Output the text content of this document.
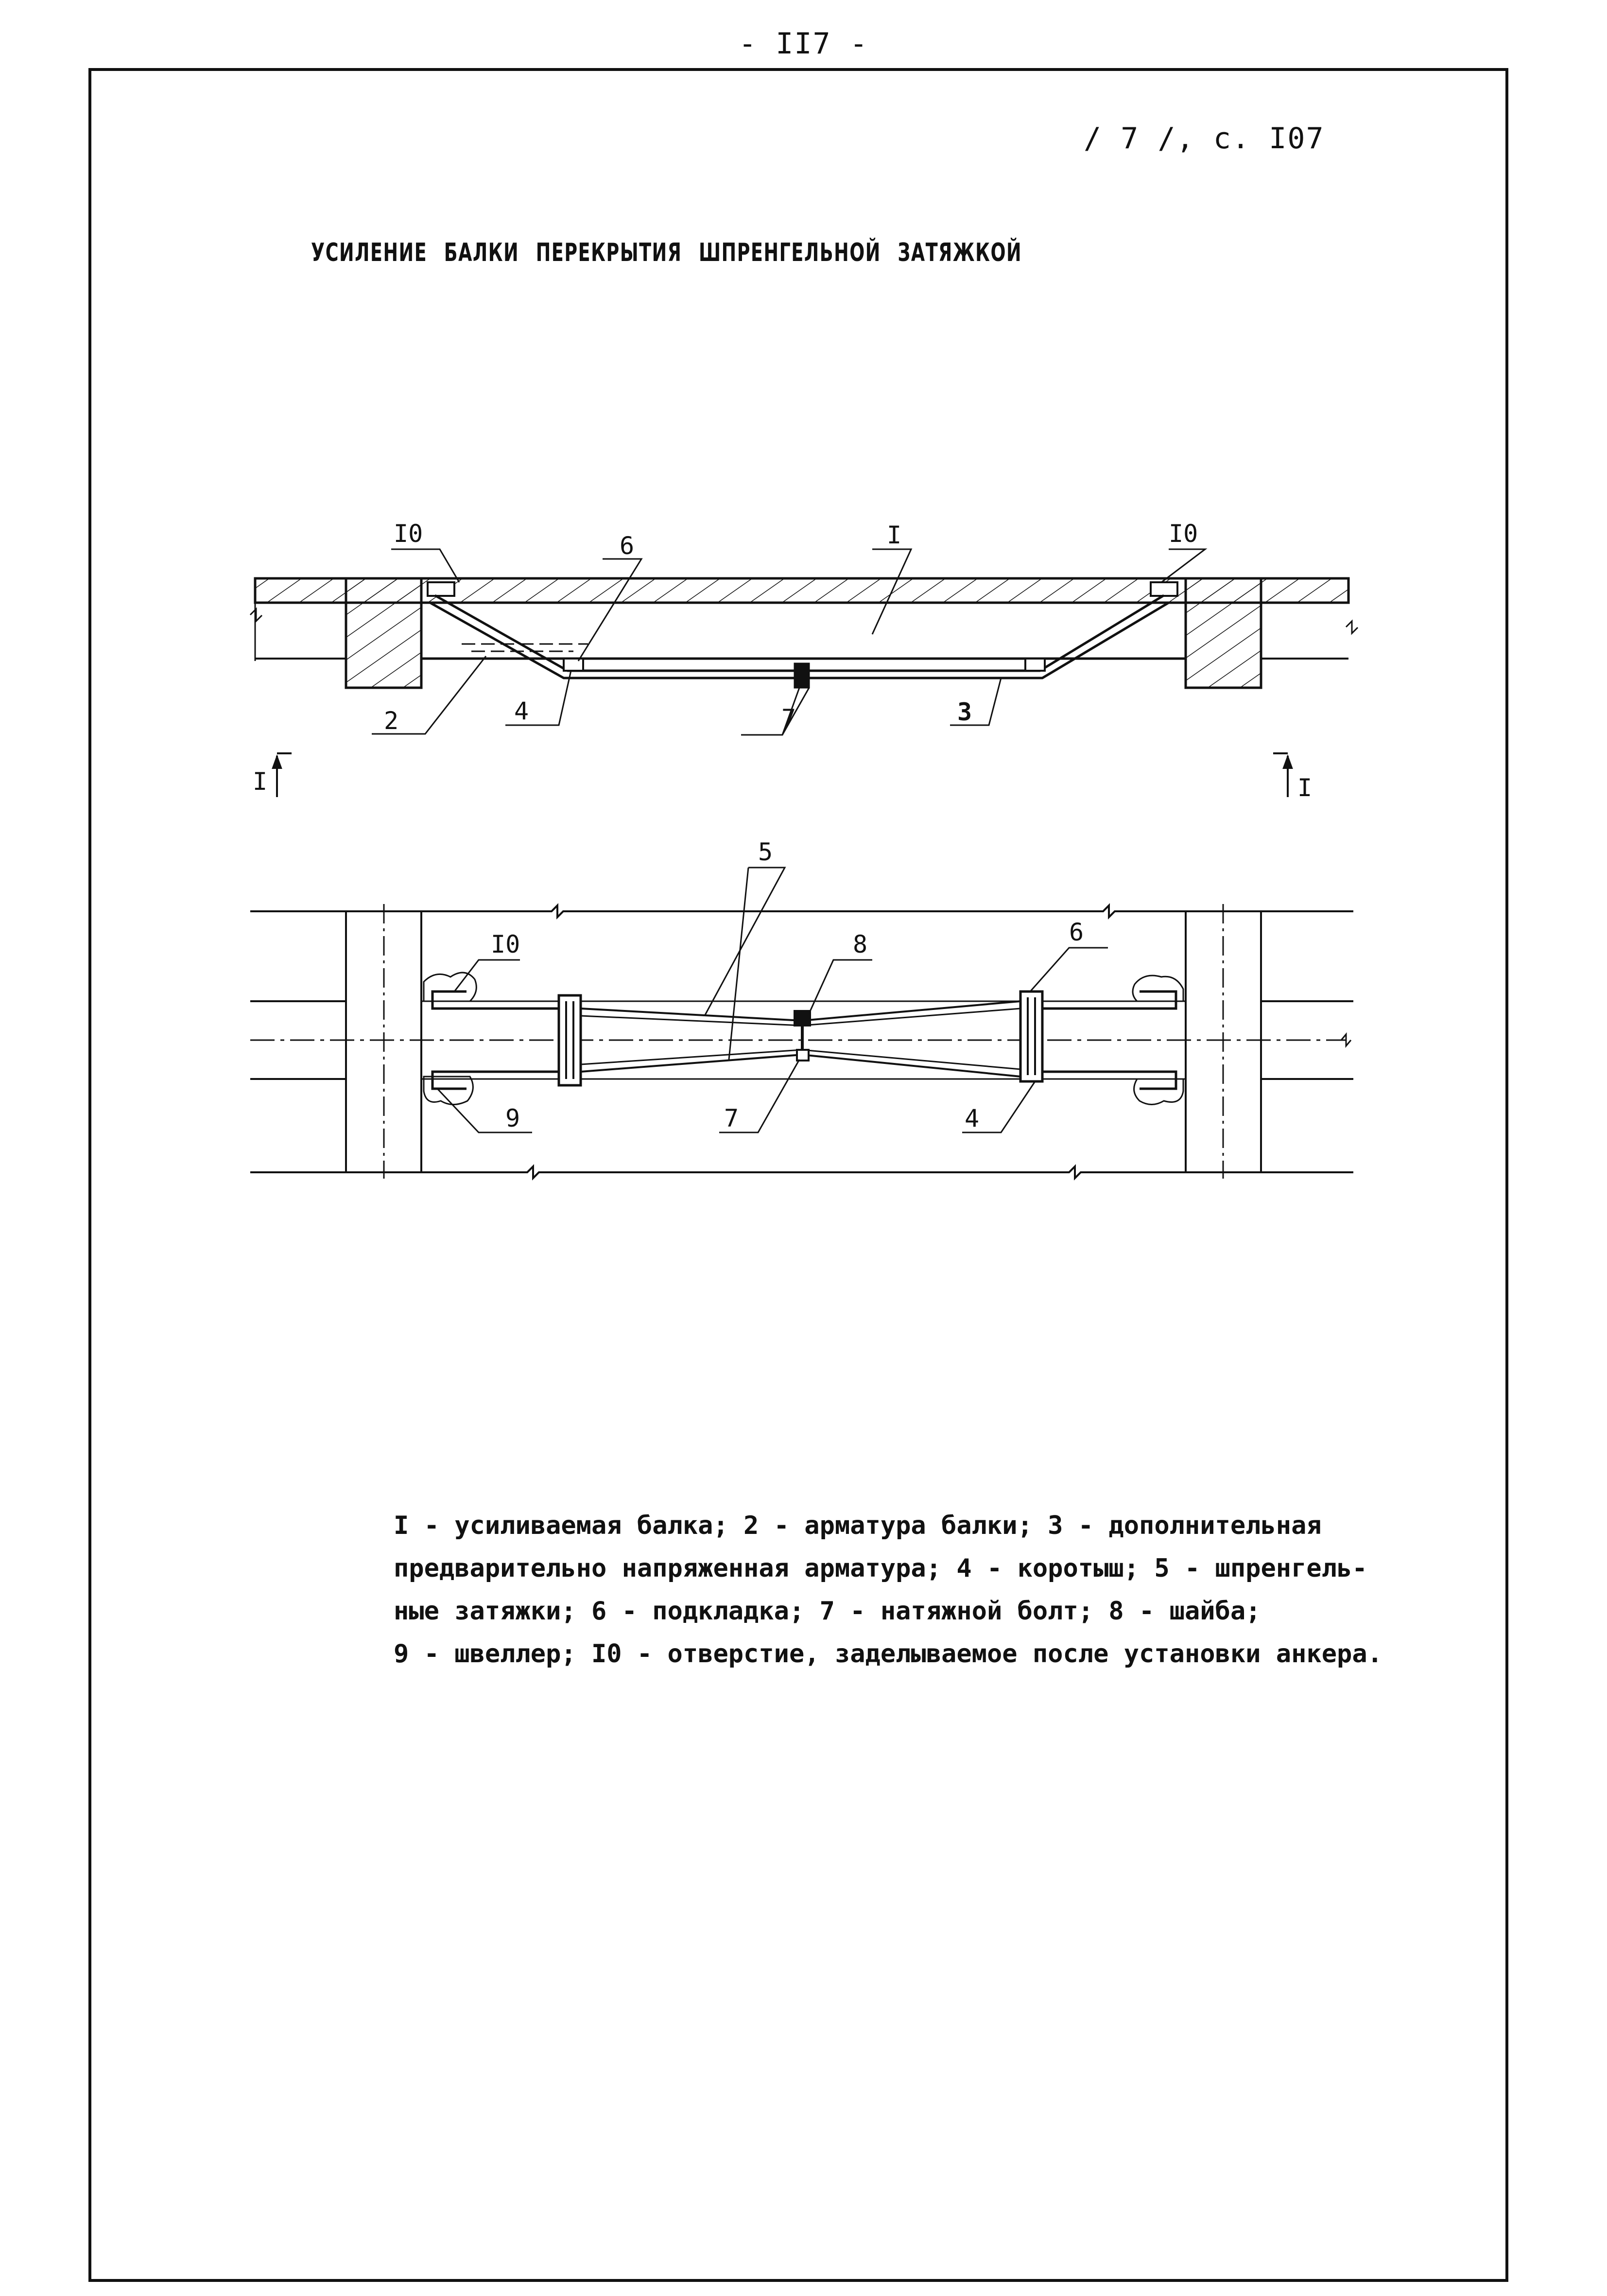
- II7 -
/ 7 /, с. I07
УСИЛЕНИЕ БАЛКИ ПЕРЕКРЫТИЯ ШПРЕНГЕЛЬНОЙ ЗАТЯЖКОЙ
I0	6	I	I0
2	4	7	3
I	I
5
I0	8	6
9	7	4
I - усиливаемая балка; 2 - арматура балки; 3 - дополнительная
предварительно напряженная арматура; 4 - коротыш; 5 - шпренгель-
ные затяжки; 6 - подкладка; 7 - натяжной болт; 8 - шайба;
9 - швеллер; I0 - отверстие, заделываемое после установки анкера.
